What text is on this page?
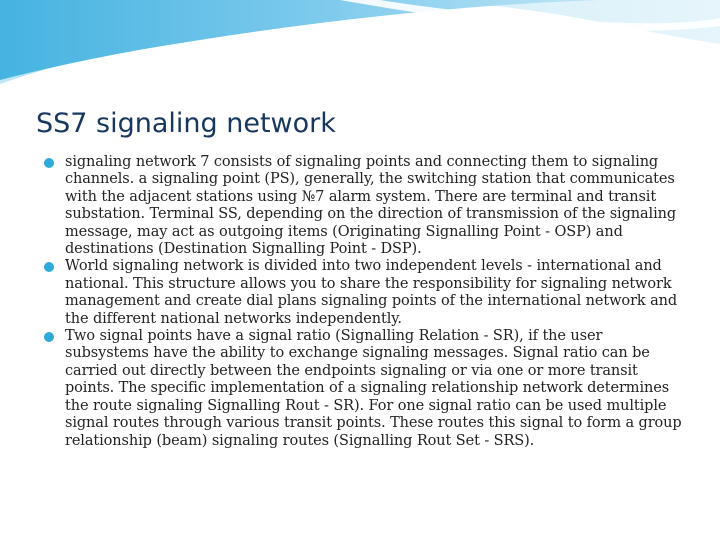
SS7 signaling network
signaling network 7 consists of signaling points and connecting them to signaling channels. a signaling point (PS), generally, the switching station that communicates with the adjacent stations using №7 alarm system. There are terminal and transit substation. Terminal SS, depending on the direction of transmission of the signaling message, may act as outgoing items (Originating Signalling Point - OSP) and destinations (Destination Signalling Point - DSP).
World signaling network is divided into two independent levels - international and national. This structure allows you to share the responsibility for signaling network management and create dial plans signaling points of the international network and the different national networks independently.
Two signal points have a signal ratio (Signalling Relation - SR), if the user subsystems have the ability to exchange signaling messages. Signal ratio can be carried out directly between the endpoints signaling or via one or more transit points. The specific implementation of a signaling relationship network determines the route signaling Signalling Rout - SR). For one signal ratio can be used multiple signal routes through various transit points. These routes this signal to form a group relationship (beam) signaling routes (Signalling Rout Set - SRS).
